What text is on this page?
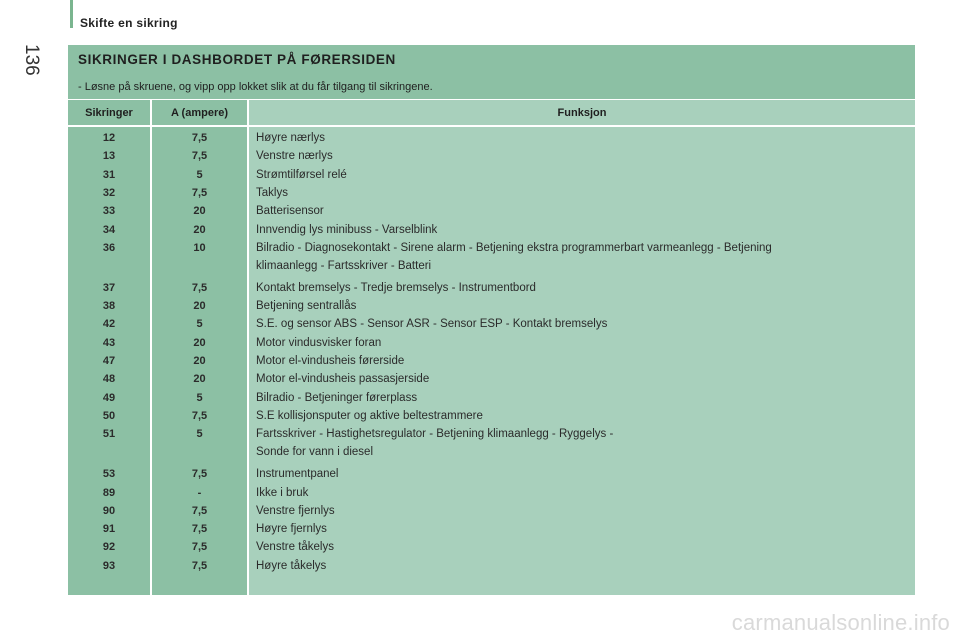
Skifte en sikring
136	SIKRINGER I DASHBORDET PÅ FØRERSIDEN
- Løsne på skruene, og vipp opp lokket slik at du får tilgang til sikringene.
Sikringer	A (ampere)	Funksjon
12	7,5	Høyre nærlys
13	7,5	Venstre nærlys
31	5	Strømtilførsel relé
32	7,5	Taklys
33	20	Batterisensor
34	20	Innvendig lys minibuss - Varselblink
36	10	Bilradio - Diagnosekontakt - Sirene alarm - Betjening ekstra programmerbart varmeanlegg - Betjening
klimaanlegg - Fartsskriver - Batteri
37	7,5	Kontakt bremselys - Tredje bremselys - Instrumentbord
38	20	Betjening sentrallås
42	5	S.E. og sensor ABS - Sensor ASR - Sensor ESP - Kontakt bremselys
43	20	Motor vindusvisker foran
47	20	Motor el-vindusheis førerside
48	20	Motor el-vindusheis passasjerside
49	5	Bilradio - Betjeninger førerplass
50	7,5	S.E kollisjonsputer og aktive beltestrammere
51	5	Fartsskriver - Hastighetsregulator - Betjening klimaanlegg - Ryggelys -
Sonde for vann i diesel
53	7,5	Instrumentpanel
89	-	Ikke i bruk
90	7,5	Venstre fjernlys
91	7,5	Høyre fjernlys
92	7,5	Venstre tåkelys
93	7,5	Høyre tåkelys
carmanualsonline.info
